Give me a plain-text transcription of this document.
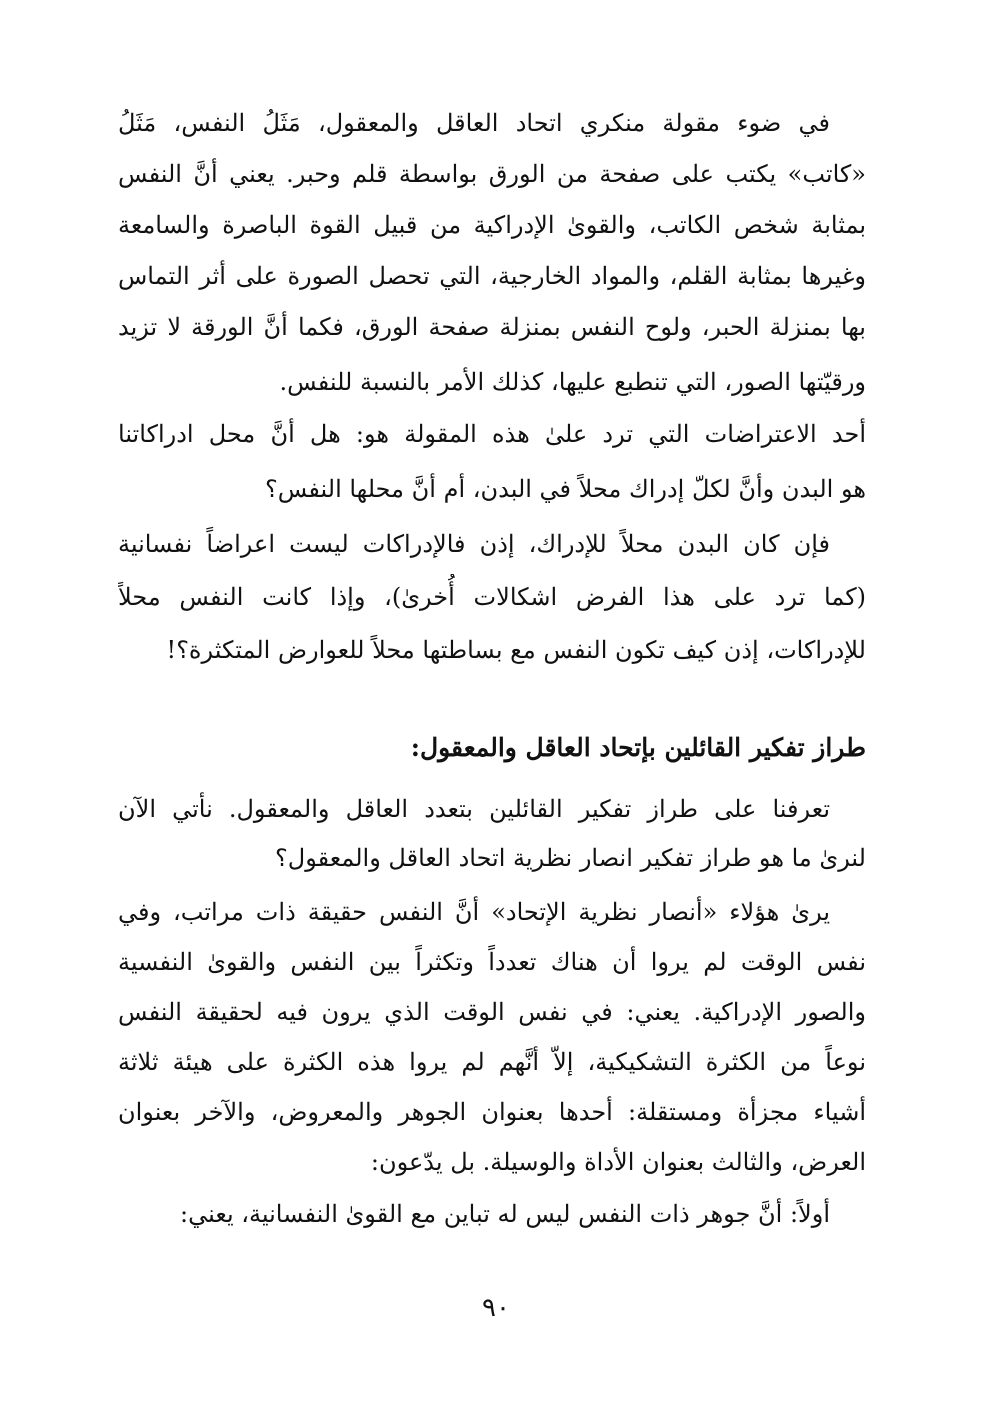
في ضوء مقولة منكري اتحاد العاقل والمعقول، مَثَلُ النفس، مَثَلُ
«كاتب» يكتب على صفحة من الورق بواسطة قلم وحبر. يعني أنَّ النفس
بمثابة شخص الكاتب، والقوىٰ الإدراكية من قبيل القوة الباصرة والسامعة
وغيرها بمثابة القلم، والمواد الخارجية، التي تحصل الصورة على أثر التماس
بها بمنزلة الحبر، ولوح النفس بمنزلة صفحة الورق، فكما أنَّ الورقة لا تزيد
ورقيّتها الصور، التي تنطبع عليها، كذلك الأمر بالنسبة للنفس.
أحد الاعتراضات التي ترد علىٰ هذه المقولة هو: هل أنَّ محل ادراكاتنا
هو البدن وأنَّ لكلّ إدراك محلاً في البدن، أم أنَّ محلها النفس؟
فإن كان البدن محلاً للإدراك، إذن فالإدراكات ليست اعراضاً نفسانية
(كما ترد على هذا الفرض اشكالات أُخرىٰ)، وإذا كانت النفس محلاً
للإدراكات، إذن كيف تكون النفس مع بساطتها محلاً للعوارض المتكثرة؟!
طراز تفكير القائلين بإتحاد العاقل والمعقول:
تعرفنا على طراز تفكير القائلين بتعدد العاقل والمعقول. نأتي الآن
لنرىٰ ما هو طراز تفكير انصار نظرية اتحاد العاقل والمعقول؟
يرىٰ هؤلاء «أنصار نظرية الإتحاد» أنَّ النفس حقيقة ذات مراتب، وفي
نفس الوقت لم يروا أن هناك تعدداً وتكثراً بين النفس والقوىٰ النفسية
والصور الإدراكية. يعني: في نفس الوقت الذي يرون فيه لحقيقة النفس
نوعاً من الكثرة التشكيكية، إلاّ أنَّهم لم يروا هذه الكثرة على هيئة ثلاثة
أشياء مجزأة ومستقلة: أحدها بعنوان الجوهر والمعروض، والآخر بعنوان
العرض، والثالث بعنوان الأداة والوسيلة. بل يدّعون:
أولاً: أنَّ جوهر ذات النفس ليس له تباين مع القوىٰ النفسانية، يعني:
٩٠
